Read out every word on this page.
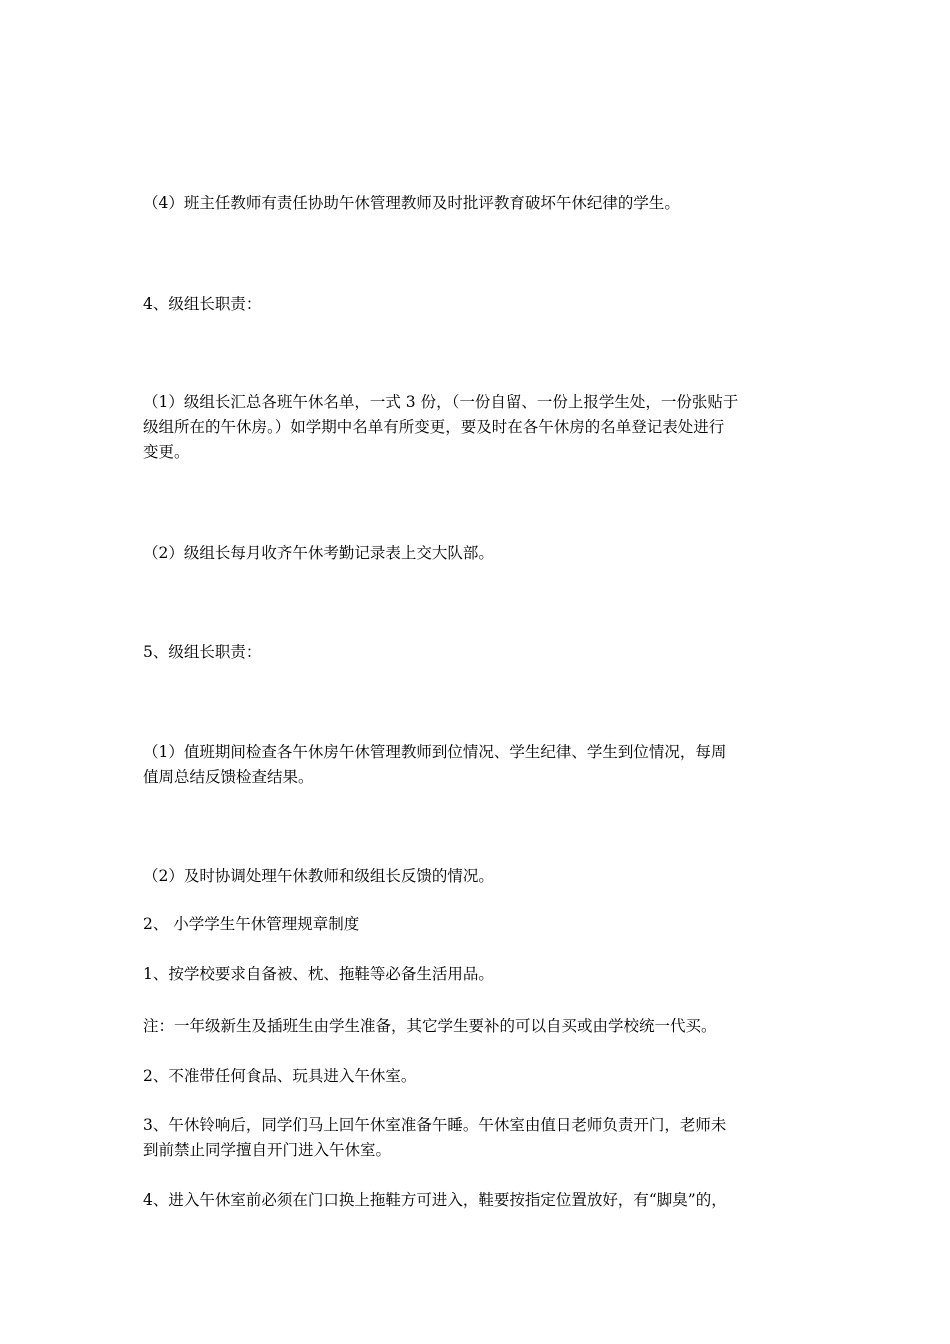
（4）班主任教师有责任协助午休管理教师及时批评教育破坏午休纪律的学生。

4、级组长职责：

（1）级组长汇总各班午休名单，一式 3 份，（一份自留、一份上报学生处，一份张贴于

级组所在的午休房。）如学期中名单有所变更，要及时在各午休房的名单登记表处进行

变更。

（2）级组长每月收齐午休考勤记录表上交大队部。

5、级组长职责：

（1）值班期间检查各午休房午休管理教师到位情况、学生纪律、学生到位情况，每周

值周总结反馈检查结果。

（2）及时协调处理午休教师和级组长反馈的情况。

2、 小学学生午休管理规章制度

1、按学校要求自备被、枕、拖鞋等必备生活用品。

注：一年级新生及插班生由学生准备，其它学生要补的可以自买或由学校统一代买。

2、不准带任何食品、玩具进入午休室。

3、午休铃响后，同学们马上回午休室准备午睡。午休室由值日老师负责开门，老师未

到前禁止同学擅自开门进入午休室。

4、进入午休室前必须在门口换上拖鞋方可进入，鞋要按指定位置放好，有“脚臭”的，
